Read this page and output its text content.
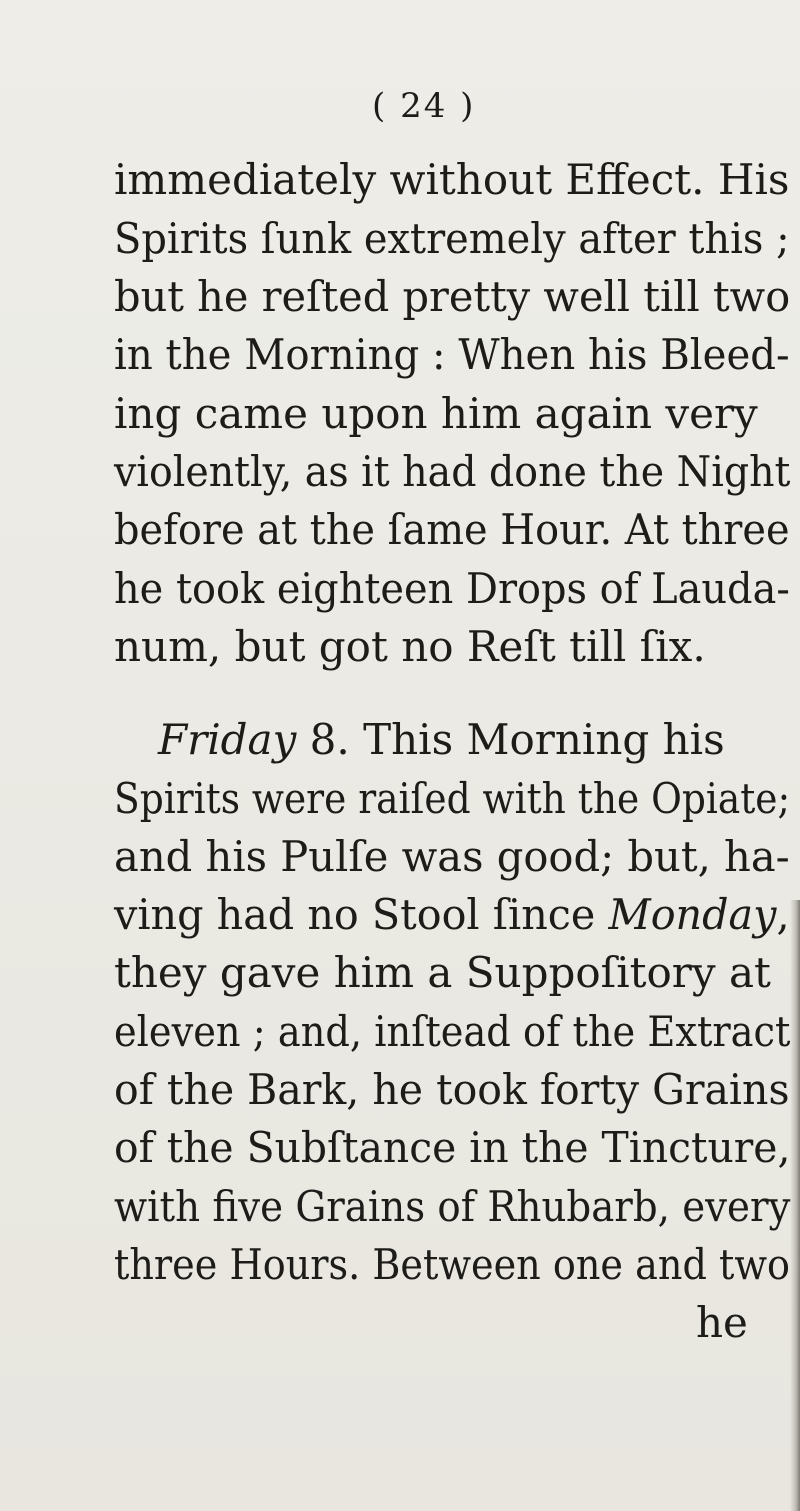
( 24 )
immediately without Effect. His
Spirits ſunk extremely after this ;
but he reſted pretty well till two
in the Morning : When his Bleed-
ing came upon him again very
violently, as it had done the Night
before at the ſame Hour. At three
he took eighteen Drops of Lauda-
num, but got no Reſt till ſix.
Friday 8. This Morning his
Spirits were raiſed with the Opiate;
and his Pulſe was good; but, ha-
ving had no Stool ſince Monday,
they gave him a Suppoſitory at
eleven ; and, inſtead of the Extract
of the Bark, he took forty Grains
of the Subſtance in the Tincture,
with five Grains of Rhubarb, every
three Hours. Between one and two
he
